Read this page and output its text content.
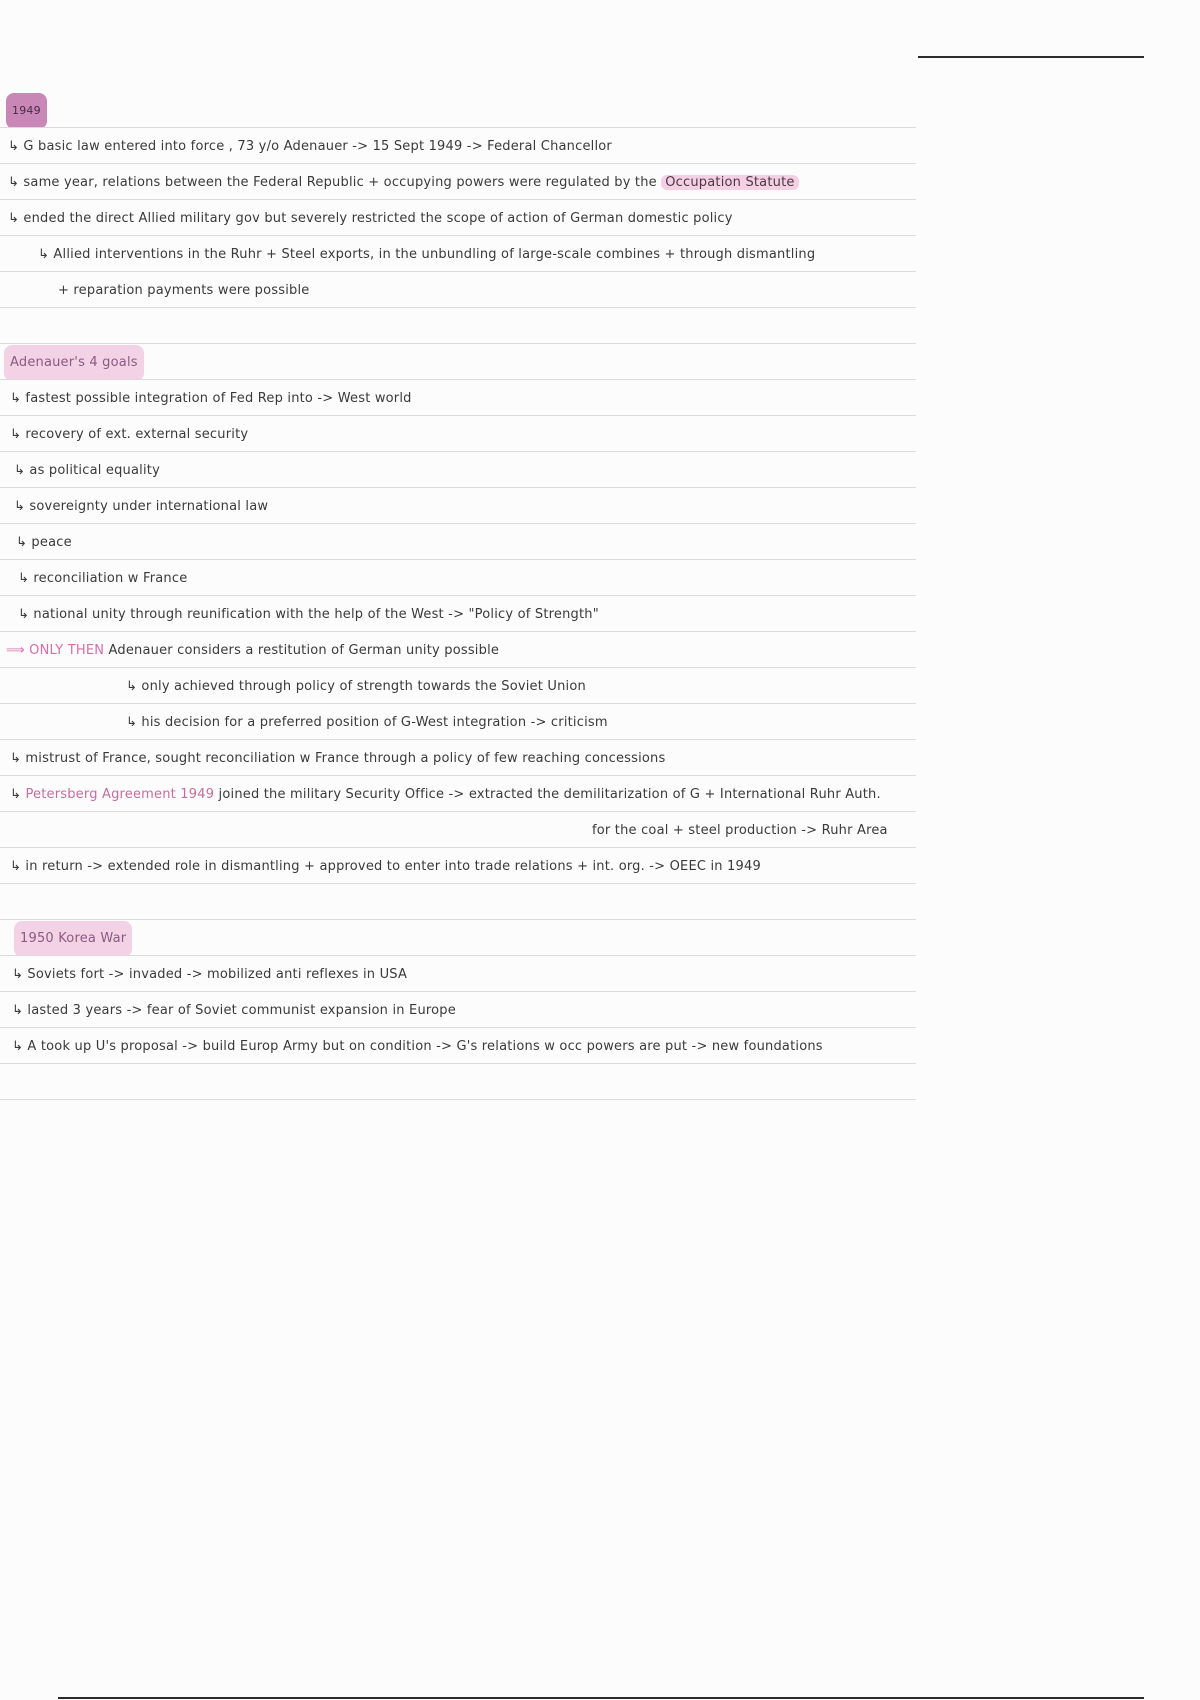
1949
↳ G basic law entered into force , 73 y/o Adenauer -> 15 Sept 1949 -> Federal Chancellor
↳ same year, relations between the Federal Republic + occupying powers were regulated by the Occupation Statute
↳ ended the direct Allied military gov but severely restricted the scope of action of German domestic policy
↳ Allied interventions in the Ruhr + Steel exports, in the unbundling of large-scale combines + through dismantling
+ reparation payments were possible
Adenauer's 4 goals
↳ fastest possible integration of Fed Rep into -> West world
↳ recovery of ext. external security
↳ as political equality
↳ sovereignty under international law
↳ peace
↳ reconciliation w France
↳ national unity through reunification with the help of the West -> "Policy of Strength"
⟹ ONLY THEN Adenauer considers a restitution of German unity possible
↳ only achieved through policy of strength towards the Soviet Union
↳ his decision for a preferred position of G-West integration -> criticism
↳ mistrust of France, sought reconciliation w France through a policy of few reaching concessions
↳ Petersberg Agreement 1949 joined the military Security Office -> extracted the demilitarization of G + International Ruhr Auth.
for the coal + steel production -> Ruhr Area
↳ in return -> extended role in dismantling + approved to enter into trade relations + int. org. -> OEEC in 1949
1950 Korea War
↳ Soviets fort -> invaded -> mobilized anti reflexes in USA
↳ lasted 3 years -> fear of Soviet communist expansion in Europe
↳ A took up U's proposal -> build Europ Army but on condition -> G's relations w occ powers are put -> new foundations
